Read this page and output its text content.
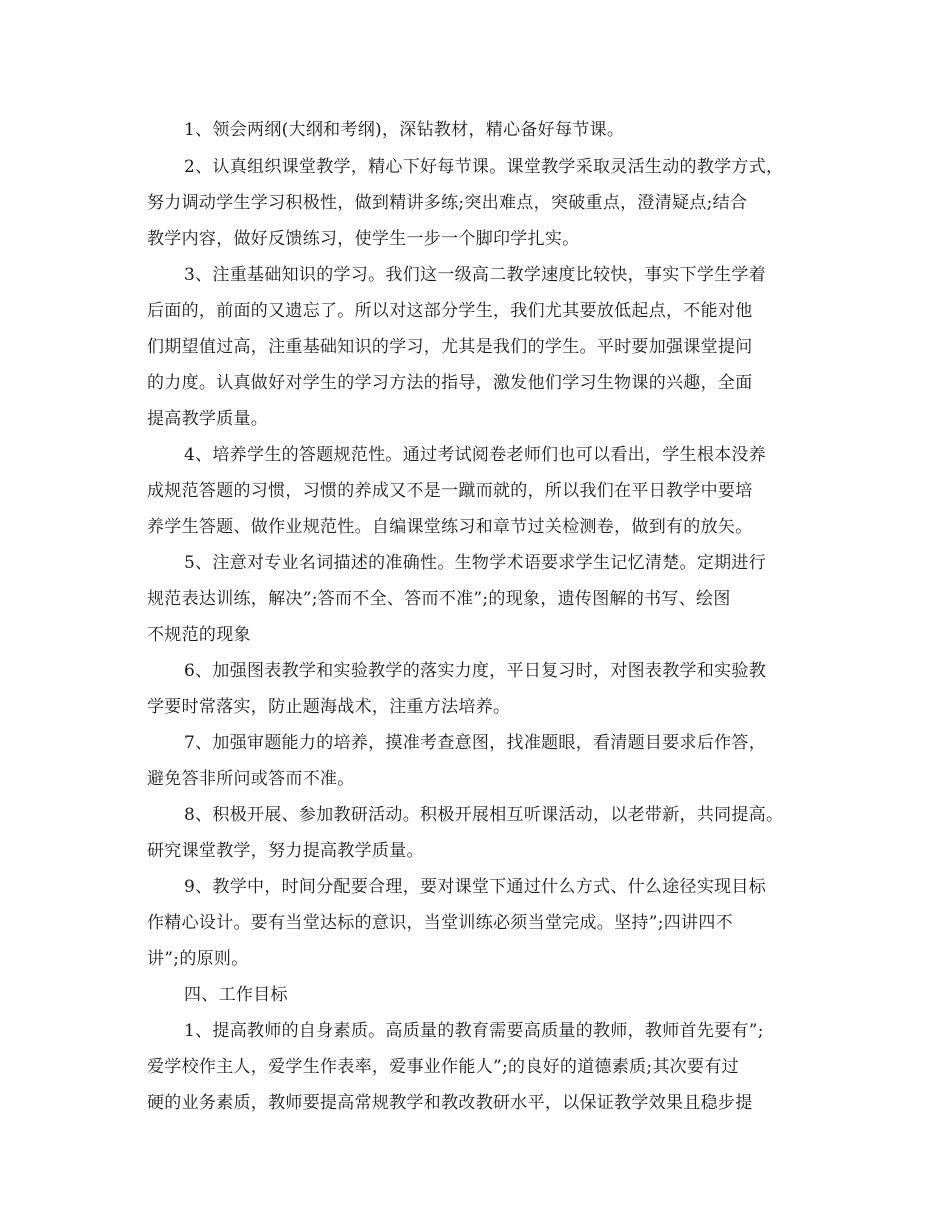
1、领会两纲(大纲和考纲)，深钻教材，精心备好每节课。
2、认真组织课堂教学，精心下好每节课。课堂教学采取灵活生动的教学方式，
努力调动学生学习积极性，做到精讲多练;突出难点，突破重点，澄清疑点;结合
教学内容，做好反馈练习，使学生一步一个脚印学扎实。
3、注重基础知识的学习。我们这一级高二教学速度比较快，事实下学生学着
后面的，前面的又遗忘了。所以对这部分学生，我们尤其要放低起点，不能对他
们期望值过高，注重基础知识的学习，尤其是我们的学生。平时要加强课堂提问
的力度。认真做好对学生的学习方法的指导，激发他们学习生物课的兴趣，全面
提高教学质量。
4、培养学生的答题规范性。通过考试阅卷老师们也可以看出，学生根本没养
成规范答题的习惯，习惯的养成又不是一蹴而就的，所以我们在平日教学中要培
养学生答题、做作业规范性。自编课堂练习和章节过关检测卷，做到有的放矢。
5、注意对专业名词描述的准确性。生物学术语要求学生记忆清楚。定期进行
规范表达训练，解决”;答而不全、答而不准”;的现象，遗传图解的书写、绘图
不规范的现象
6、加强图表教学和实验教学的落实力度，平日复习时，对图表教学和实验教
学要时常落实，防止题海战术，注重方法培养。
7、加强审题能力的培养，摸准考查意图，找准题眼，看清题目要求后作答，
避免答非所问或答而不准。
8、积极开展、参加教研活动。积极开展相互听课活动，以老带新，共同提高。
研究课堂教学，努力提高教学质量。
9、教学中，时间分配要合理，要对课堂下通过什么方式、什么途径实现目标
作精心设计。要有当堂达标的意识，当堂训练必须当堂完成。坚持”;四讲四不
讲”;的原则。
四、工作目标
1、提高教师的自身素质。高质量的教育需要高质量的教师，教师首先要有”;
爱学校作主人，爱学生作表率，爱事业作能人”;的良好的道德素质;其次要有过
硬的业务素质，教师要提高常规教学和教改教研水平，以保证教学效果且稳步提
